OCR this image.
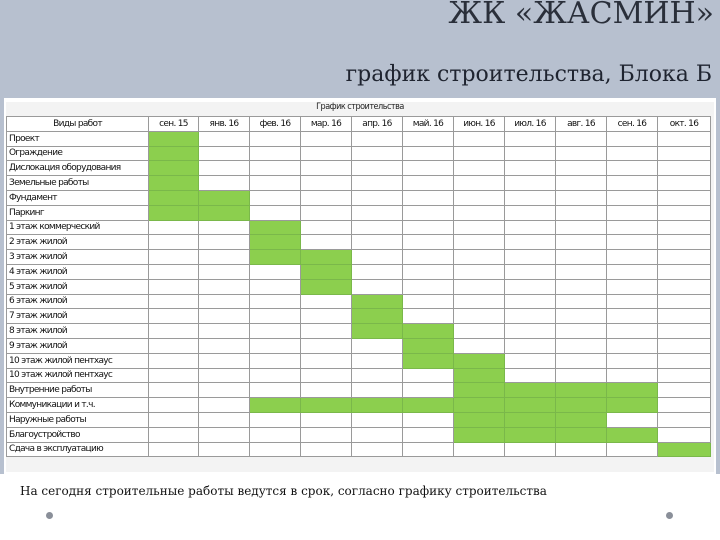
ЖК «ЖАСМИН»
график строительства, Блока Б
График строительства
Виды работ	сен. 15	янв. 16	фев. 16	мар. 16	апр. 16	май. 16	июн. 16	июл. 16	авг. 16	сен. 16	окт. 16
Проект											
Ограждение											
Дислокация оборудования											
Земельные работы											
Фундамент											
Парκинг											
1 этаж коммерческий											
2 этаж жилой											
3 этаж жилой											
4 этаж жилой											
5 этаж жилой											
6 этаж жилой											
7 этаж жилой											
8 этаж жилой											
9 этаж жилой											
10 этаж жилой пентхаус											
10 этаж жилой пентхаус											
Внутренние работы											
Коммуникации и т.ч.											
Наружные работы											
Благоустройство											
Сдача в эксплуатацию											
На сегодня строительные работы ведутся в срок, согласно графику строительства
